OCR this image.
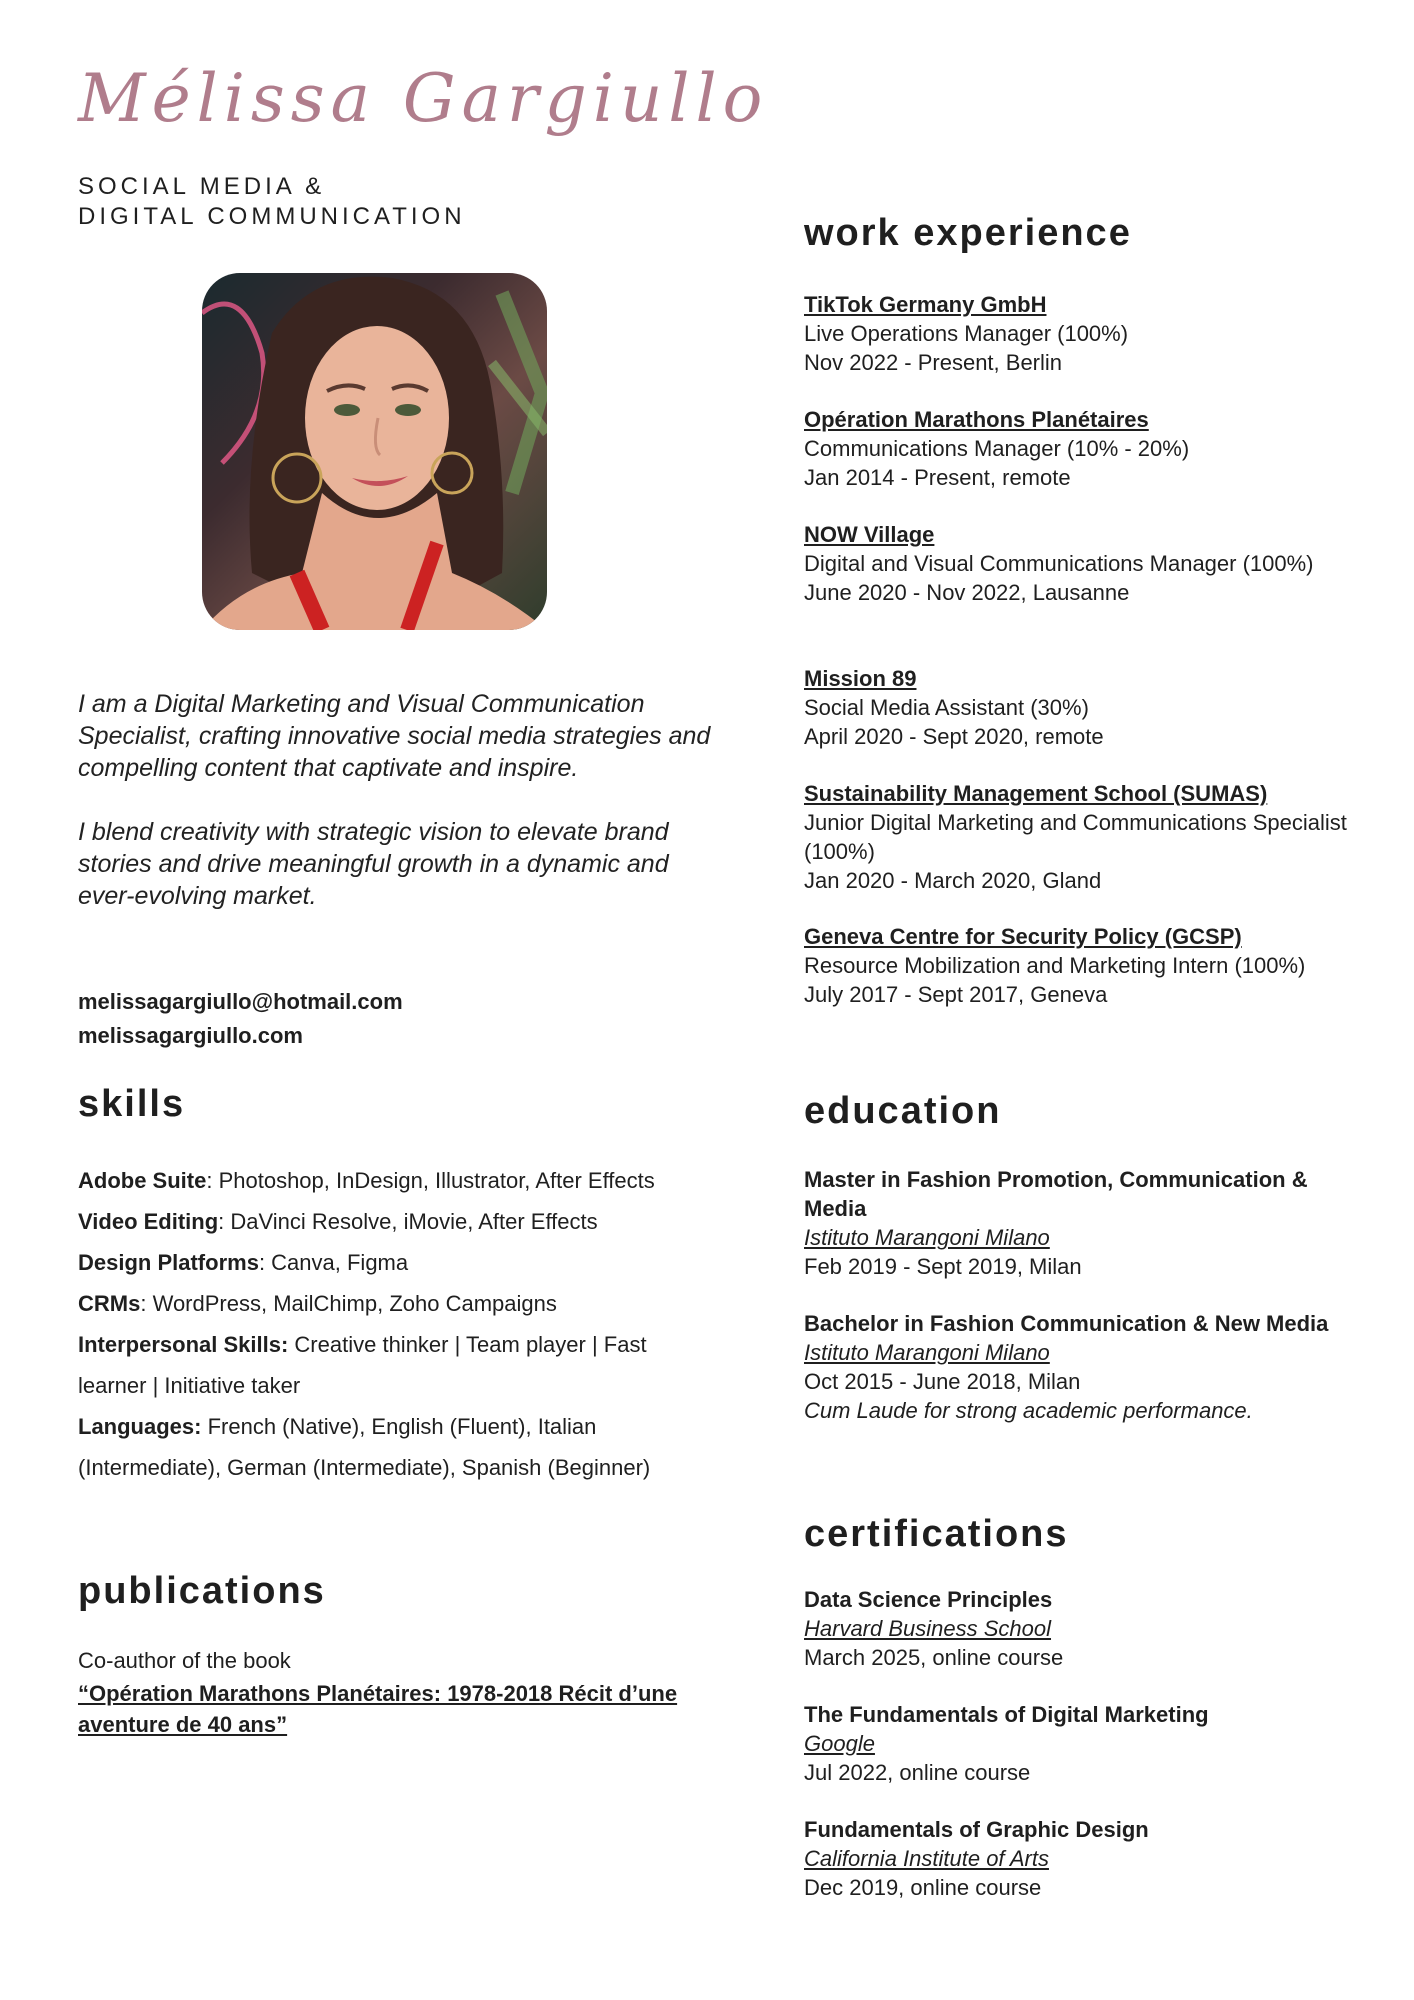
Mélissa Gargiullo
SOCIAL MEDIA &
DIGITAL COMMUNICATION

I am a Digital Marketing and Visual Communication Specialist, crafting innovative social media strategies and compelling content that captivate and inspire.

I blend creativity with strategic vision to elevate brand stories and drive meaningful growth in a dynamic and ever-evolving market.

melissagargiullo@hotmail.com
melissagargiullo.com
skills

Adobe Suite: Photoshop, InDesign, Illustrator, After Effects

Video Editing: DaVinci Resolve, iMovie, After Effects

Design Platforms: Canva, Figma

CRMs: WordPress, MailChimp, Zoho Campaigns

Interpersonal Skills: Creative thinker | Team player | Fast learner | Initiative taker

Languages: French (Native), English (Fluent), Italian (Intermediate), German (Intermediate), Spanish (Beginner)

publications
Co-author of the book
“Opération Marathons Planétaires: 1978-2018 Récit d’une aventure de 40 ans”
work experience
TikTok Germany GmbH
Live Operations Manager (100%)
Nov 2022 - Present, Berlin
Opération Marathons Planétaires
Communications Manager (10% - 20%)
Jan 2014 - Present, remote
NOW Village
Digital and Visual Communications Manager (100%)
June 2020 - Nov 2022, Lausanne
Mission 89
Social Media Assistant (30%)
April 2020 - Sept 2020, remote
Sustainability Management School (SUMAS)
Junior Digital Marketing and Communications Specialist (100%)
Jan 2020 - March 2020, Gland
Geneva Centre for Security Policy (GCSP)
Resource Mobilization and Marketing Intern (100%)
July 2017 - Sept 2017, Geneva
education
Master in Fashion Promotion, Communication & Media
Istituto Marangoni Milano
Feb 2019 - Sept 2019, Milan
Bachelor in Fashion Communication & New Media
Istituto Marangoni Milano
Oct 2015 - June 2018, Milan
Cum Laude for strong academic performance.
certifications
Data Science Principles
Harvard Business School
March 2025, online course
The Fundamentals of Digital Marketing
Google
Jul 2022, online course
Fundamentals of Graphic Design
California Institute of Arts
Dec 2019, online course
